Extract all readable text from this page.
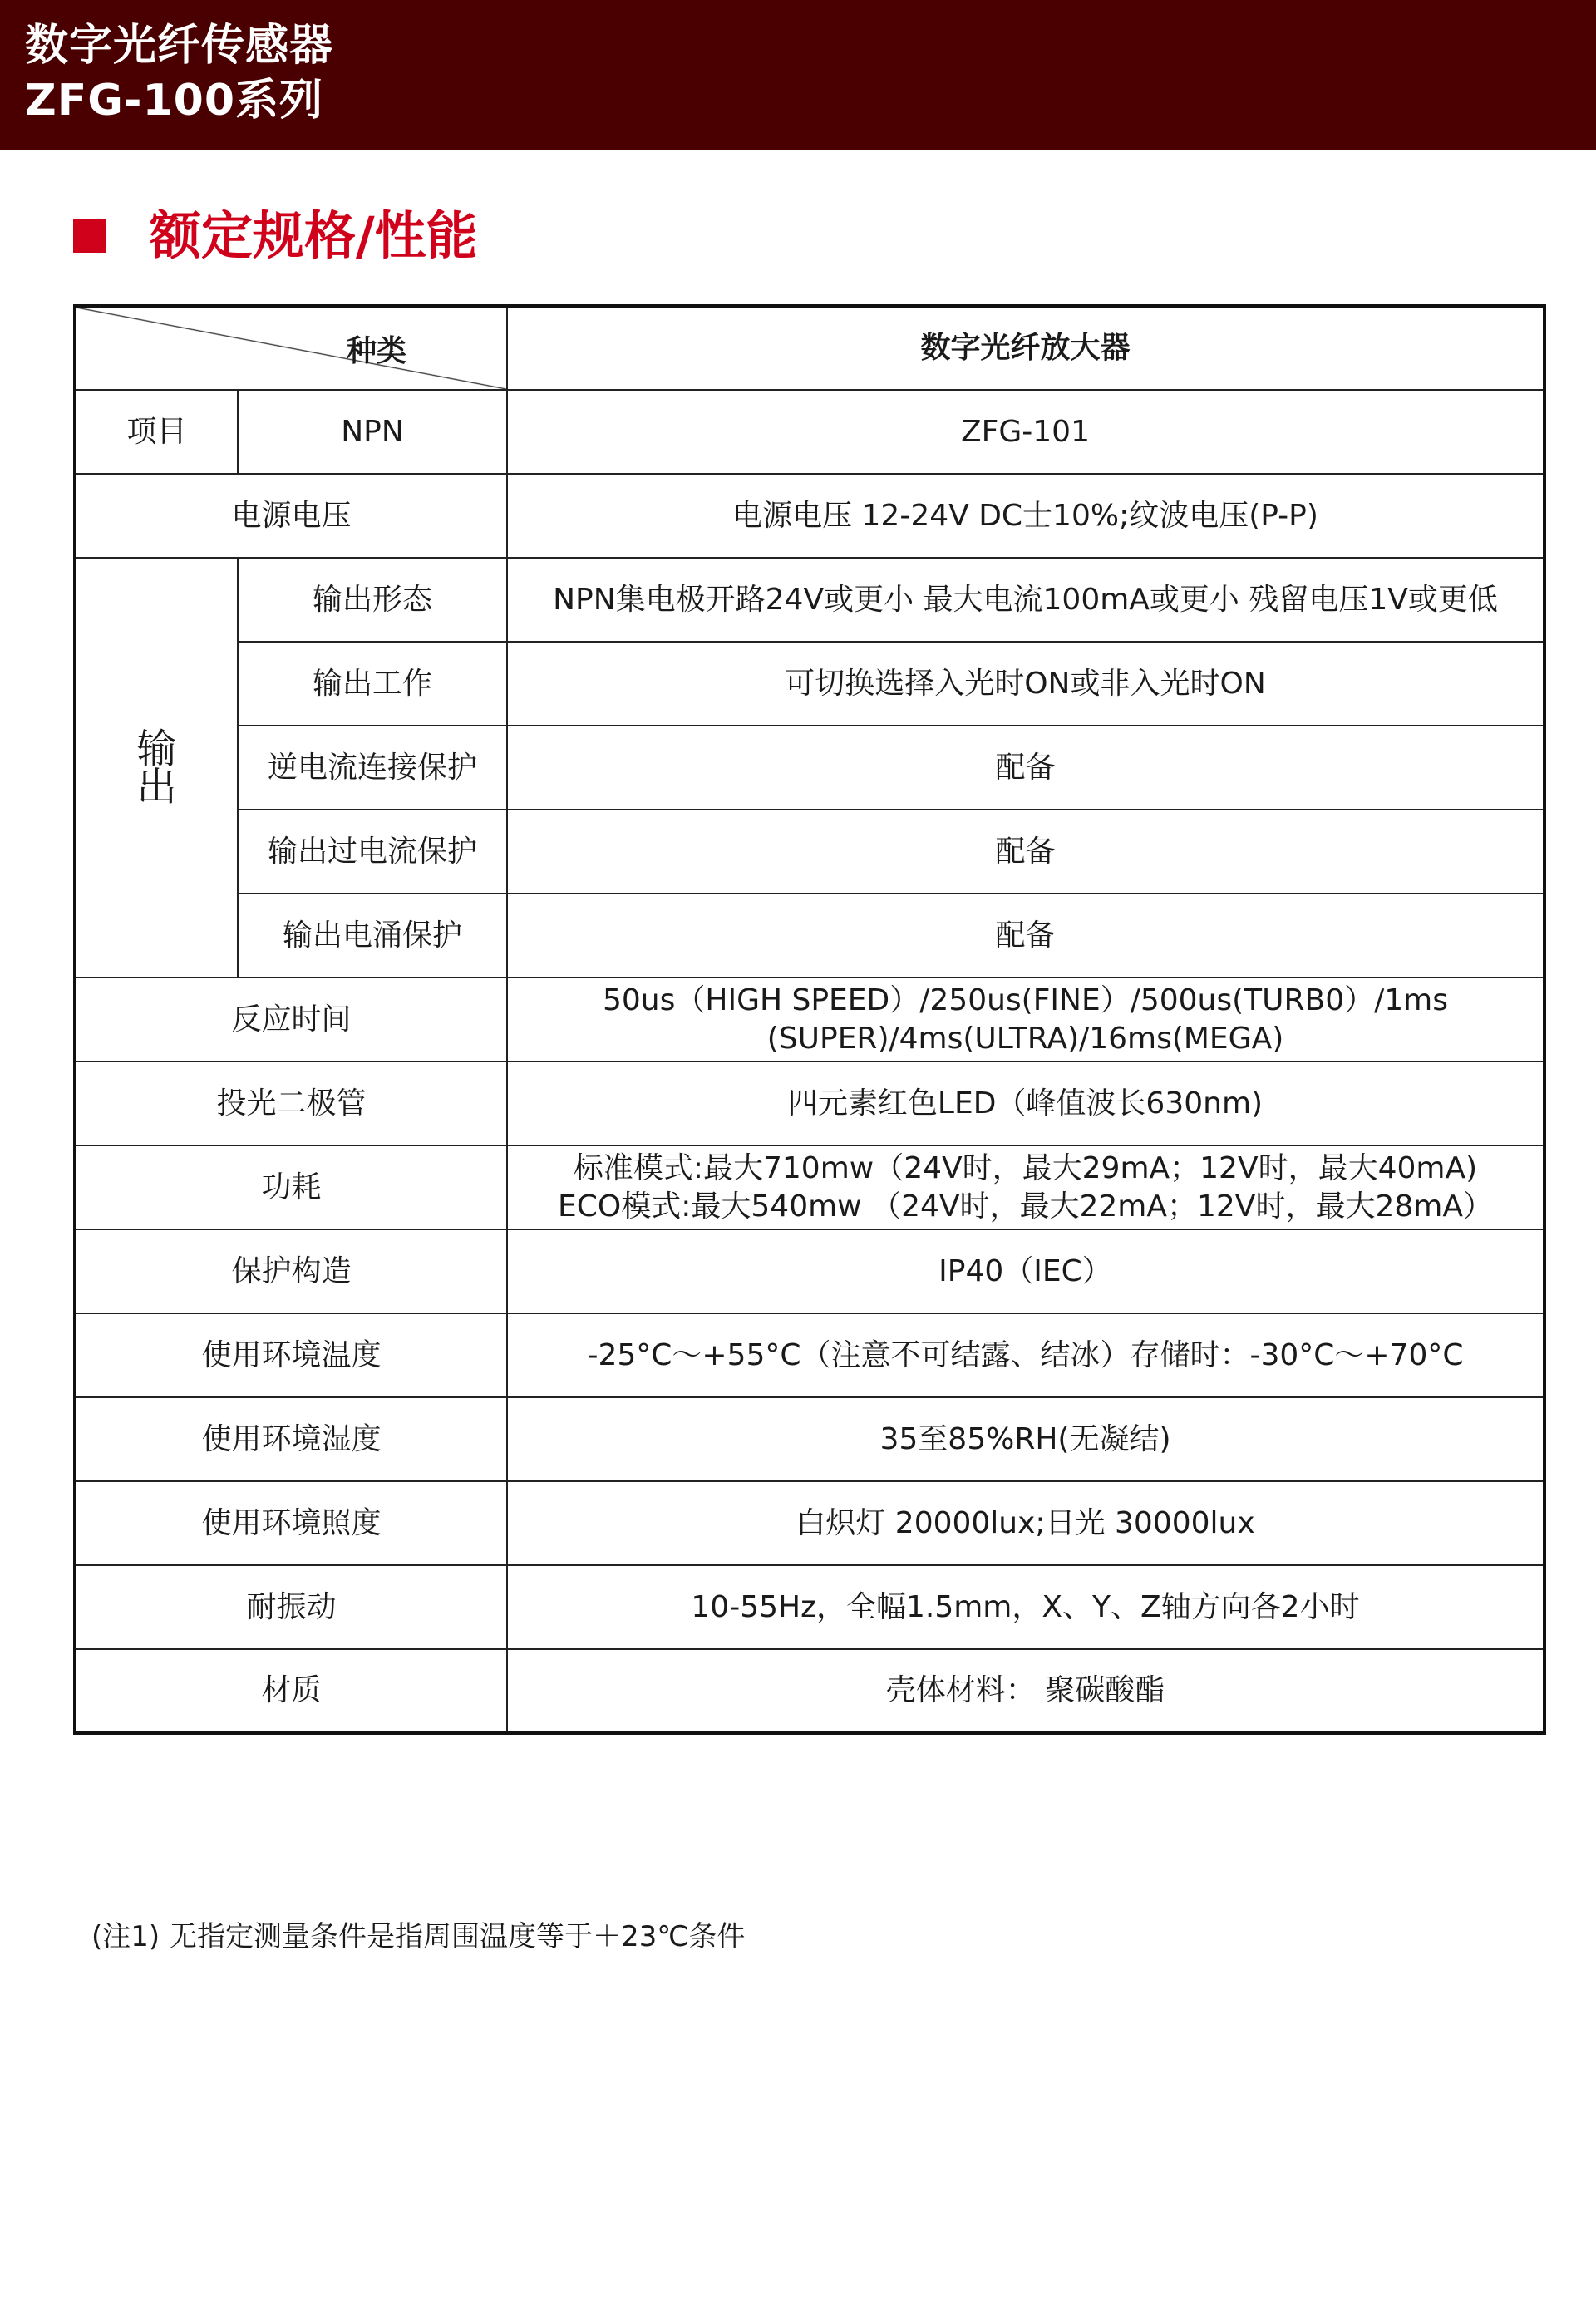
数字光纤传感器
ZFG-100系列
额定规格/性能
种类		数字光纤放大器
项目	NPN	ZFG-101
电源电压		电源电压 12-24V DC士10%;纹波电压(P-P)

输
出	输出形态	NPN集电极开路24V或更小 最大电流100mA或更小 残留电压1V或更低
	输出工作	可切换选择入光时ON或非入光时ON
	逆电流连接保护	配备
	输出过电流保护	配备
	输出电涌保护	配备
反应时间		50us（HIGH SPEED）/250us(FINE）/500us(TURB0）/1ms
(SUPER)/4ms(ULTRA)/16ms(MEGA)

投光二极管		四元素红色LED（峰值波长630nm)
功耗		标准模式:最大710mw（24V时，最大29mA；12V时，最大40mA)
ECO模式:最大540mw （24V时，最大22mA；12V时，最大28mA）

保护构造		IP40（IEC）
使用环境温度		-25°C～+55°C（注意不可结露、结冰）存储时：-30°C～+70°C
使用环境湿度		35至85%RH(无凝结)
使用环境照度		白炽灯 20000lux;日光 30000lux
耐振动		10-55Hz，全幅1.5mm，X、Y、Z轴方向各2小时
材质		壳体材料： 聚碳酸酯
(注1) 无指定测量条件是指周围温度等于＋23℃条件
